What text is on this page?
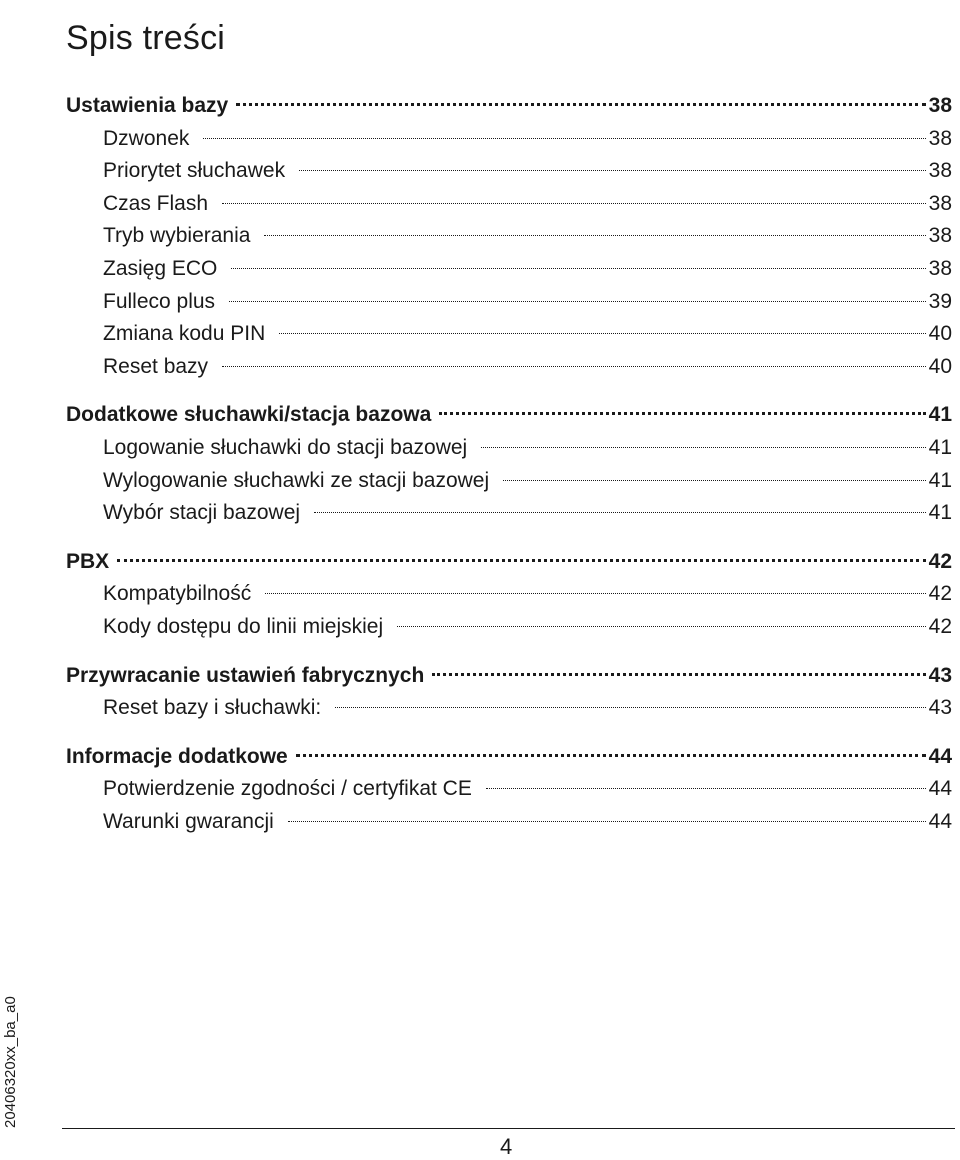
Spis treści
Ustawienia bazy	38
Dzwonek	38
Priorytet słuchawek	38
Czas Flash	38
Tryb wybierania	38
Zasięg ECO	38
Fulleco plus	39
Zmiana kodu PIN	40
Reset bazy	40
Dodatkowe słuchawki/stacja bazowa	41
Logowanie słuchawki do stacji bazowej	41
Wylogowanie słuchawki ze stacji bazowej	41
Wybór stacji bazowej	41
PBX	42
Kompatybilność	42
Kody dostępu do linii miejskiej	42
Przywracanie ustawień fabrycznych	43
Reset bazy i słuchawki:	43
Informacje dodatkowe	44
Potwierdzenie zgodności / certyfikat CE	44
Warunki gwarancji	44
20406320xx_ba_a0
4
